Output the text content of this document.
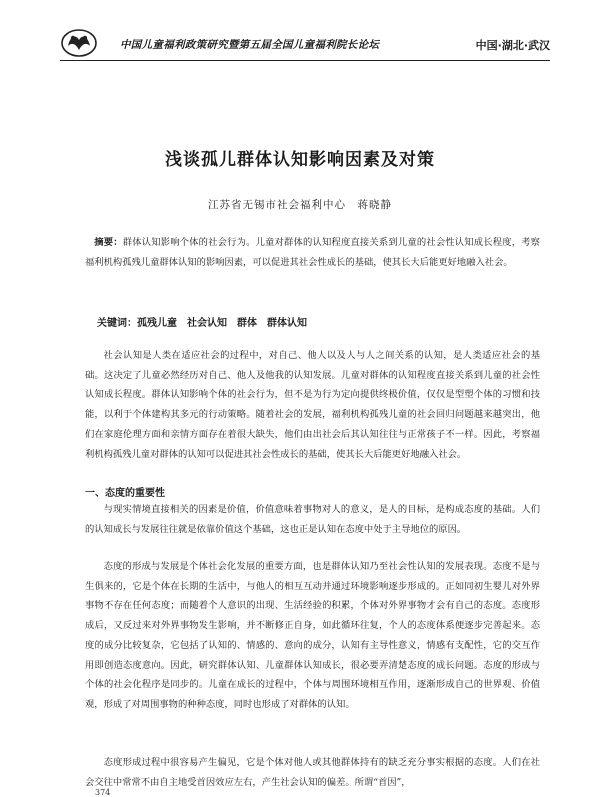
中国儿童福利政策研究暨第五届全国儿童福利院长论坛	中国·湖北·武汉
浅谈孤儿群体认知影响因素及对策
江苏省无锡市社会福利中心　蒋晓静

摘要：群体认知影响个体的社会行为。儿童对群体的认知程度直接关系到儿童的社会性认知成长程度，考察福利机构孤残儿童群体认知的影响因素，可以促进其社会性成长的基础，使其长大后能更好地融入社会。

关键词：孤残儿童 社会认知 群体 群体认知

社会认知是人类在适应社会的过程中，对自己、他人以及人与人之间关系的认知，是人类适应社会的基础。这决定了儿童必然经历对自己、他人及他我的认知发展。儿童对群体的认知程度直接关系到儿童的社会性认知成长程度。群体认知影响个体的社会行为，但不是为行为定向提供终极价值，仅仅是型塑个体的习惯和技能，以利于个体建构其多元的行动策略。随着社会的发展，福利机构孤残儿童的社会回归问题越来越突出，他们在家庭伦理方面和亲情方面存在着很大缺失，他们由出社会后其认知往往与正常孩子不一样。因此，考察福利机构孤残儿童对群体的认知可以促进其社会性成长的基础，使其长大后能更好地融入社会。

一、态度的重要性

与现实情境直接相关的因素是价值，价值意味着事物对人的意义，是人的目标，是构成态度的基础。人们的认知成长与发展往往就是依靠价值这个基础，这也正是认知在态度中处于主导地位的原因。

态度的形成与发展是个体社会化发展的重要方面，也是群体认知乃至社会性认知的发展表现。态度不是与生俱来的，它是个体在长期的生活中，与他人的相互互动并通过环境影响逐步形成的。正如同初生婴儿对外界事物不存在任何态度；而随着个人意识的出现、生活经验的积累，个体对外界事物才会有自己的态度。态度形成后，又反过来对外界事物发生影响，并不断修正自身，如此循环往复，个人的态度体系便逐步完善起来。态度的成分比较复杂，它包括了认知的、情感的、意向的成分，认知有主导性意义，情感有支配性，它的交互作用即创造态度意向。因此，研究群体认知、儿童群体认知成长，很必要弄清楚态度的成长问题。态度的形成与个体的社会化程序是同步的。儿童在成长的过程中，个体与周围环境相互作用，逐渐形成自己的世界观、价值观，形成了对周围事物的种种态度，同时也形成了对群体的认知。

态度形成过程中很容易产生偏见，它是个体对他人或其他群体持有的缺乏充分事实根据的态度。人们在社会交往中常常不由自主地受首因效应左右，产生社会认知的偏差。所谓“首因”，

374
